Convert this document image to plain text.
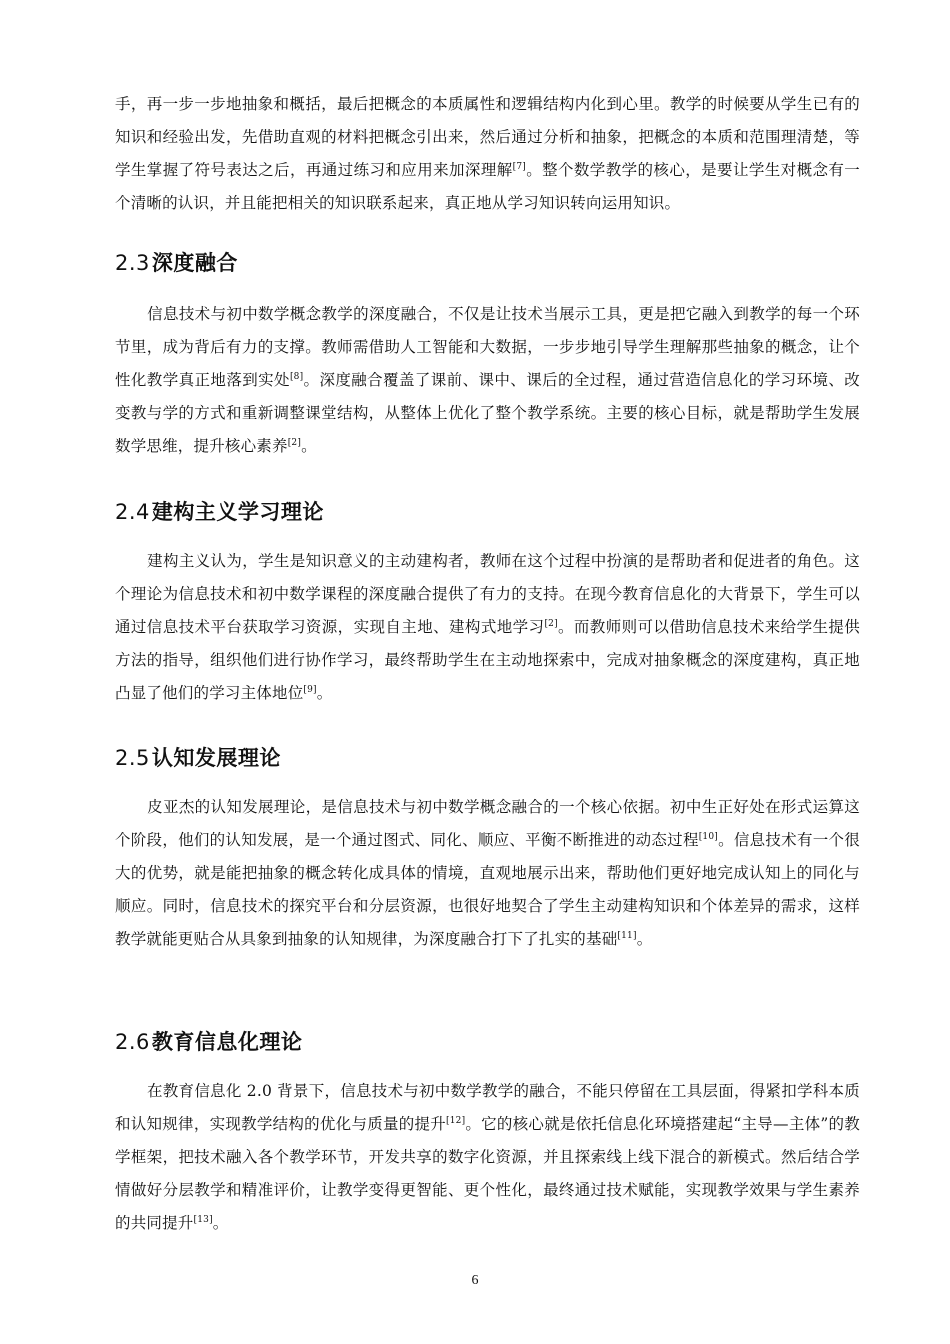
手，再一步一步地抽象和概括，最后把概念的本质属性和逻辑结构内化到心里。教学的时候要从学生已有的知识和经验出发，先借助直观的材料把概念引出来，然后通过分析和抽象，把概念的本质和范围理清楚，等学生掌握了符号表达之后，再通过练习和应用来加深理解[7]。整个数学教学的核心，是要让学生对概念有一个清晰的认识，并且能把相关的知识联系起来，真正地从学习知识转向运用知识。

2.3深度融合

信息技术与初中数学概念教学的深度融合，不仅是让技术当展示工具，更是把它融入到教学的每一个环节里，成为背后有力的支撑。教师需借助人工智能和大数据，一步步地引导学生理解那些抽象的概念，让个性化教学真正地落到实处[8]。深度融合覆盖了课前、课中、课后的全过程，通过营造信息化的学习环境、改变教与学的方式和重新调整课堂结构，从整体上优化了整个教学系统。主要的核心目标，就是帮助学生发展数学思维，提升核心素养[2]。

2.4建构主义学习理论

建构主义认为，学生是知识意义的主动建构者，教师在这个过程中扮演的是帮助者和促进者的角色。这个理论为信息技术和初中数学课程的深度融合提供了有力的支持。在现今教育信息化的大背景下，学生可以通过信息技术平台获取学习资源，实现自主地、建构式地学习[2]。而教师则可以借助信息技术来给学生提供方法的指导，组织他们进行协作学习，最终帮助学生在主动地探索中，完成对抽象概念的深度建构，真正地凸显了他们的学习主体地位[9]。

2.5认知发展理论

皮亚杰的认知发展理论，是信息技术与初中数学概念融合的一个核心依据。初中生正好处在形式运算这个阶段，他们的认知发展，是一个通过图式、同化、顺应、平衡不断推进的动态过程[10]。信息技术有一个很大的优势，就是能把抽象的概念转化成具体的情境，直观地展示出来，帮助他们更好地完成认知上的同化与顺应。同时，信息技术的探究平台和分层资源，也很好地契合了学生主动建构知识和个体差异的需求，这样教学就能更贴合从具象到抽象的认知规律，为深度融合打下了扎实的基础[11]。

2.6教育信息化理论

在教育信息化 2.0 背景下，信息技术与初中数学教学的融合，不能只停留在工具层面，得紧扣学科本质和认知规律，实现教学结构的优化与质量的提升[12]。它的核心就是依托信息化环境搭建起“主导—主体”的教学框架，把技术融入各个教学环节，开发共享的数字化资源，并且探索线上线下混合的新模式。然后结合学情做好分层教学和精准评价，让教学变得更智能、更个性化，最终通过技术赋能，实现教学效果与学生素养的共同提升[13]。

6
